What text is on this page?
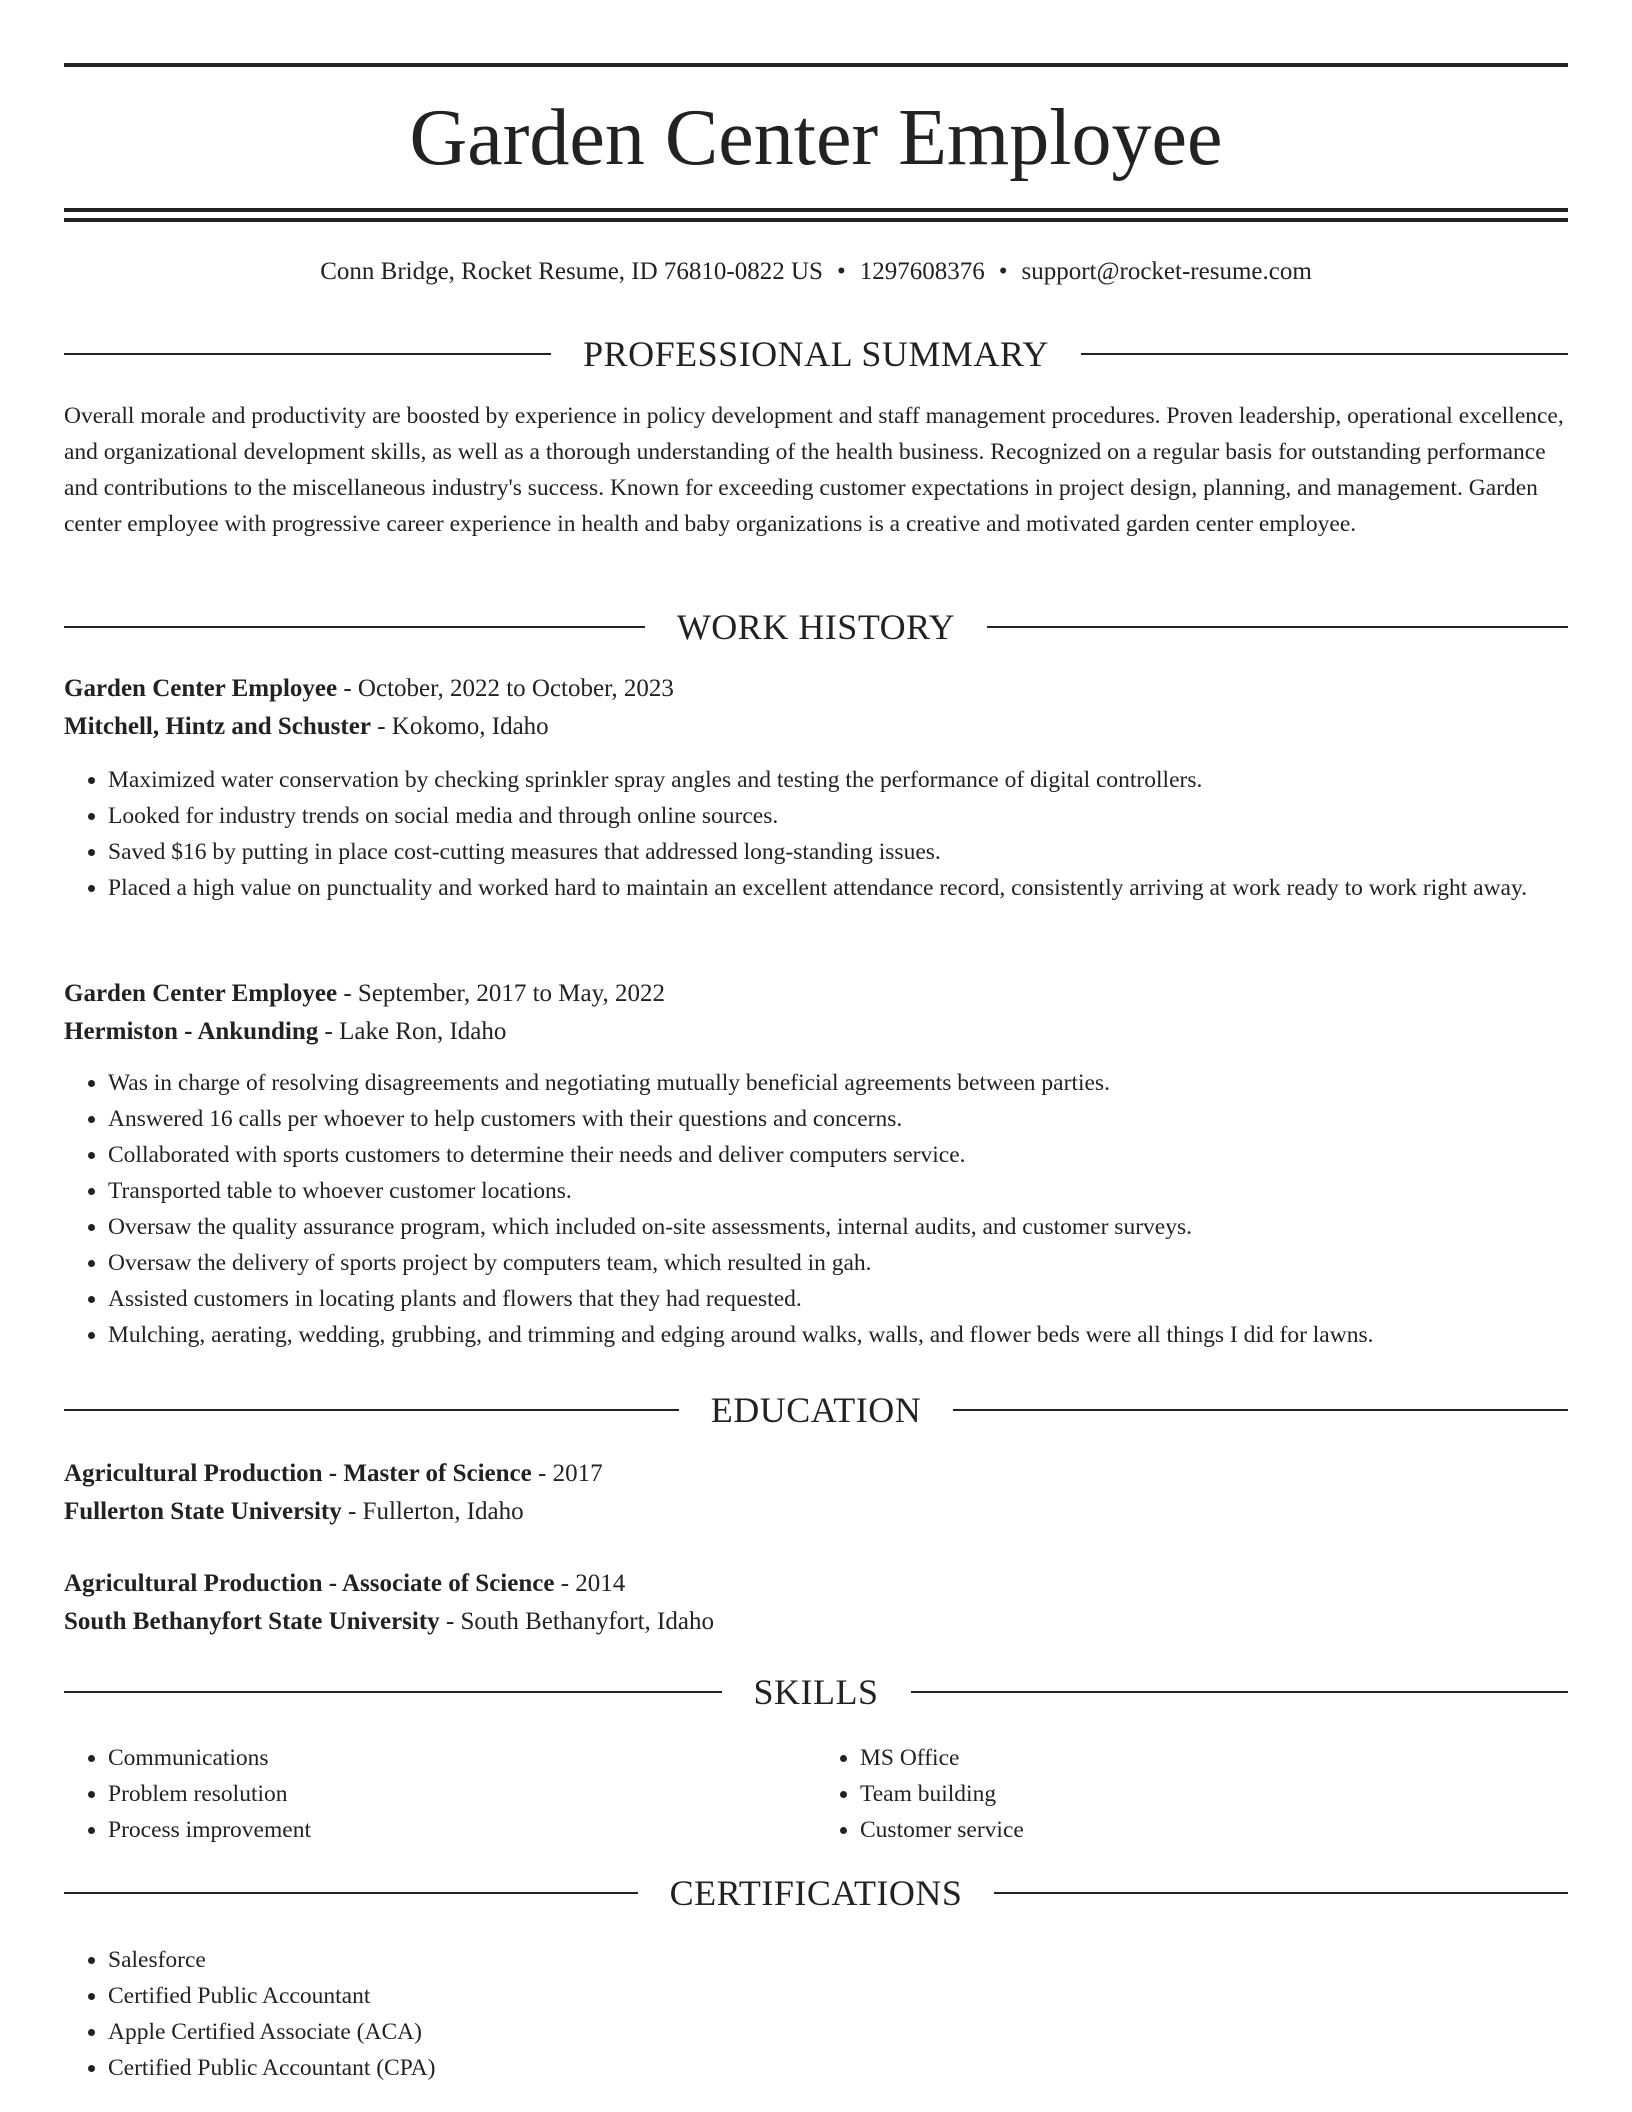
Garden Center Employee
Conn Bridge, Rocket Resume, ID 76810-0822 US • 1297608376 • support@rocket-resume.com
PROFESSIONAL SUMMARY
Overall morale and productivity are boosted by experience in policy development and staff management procedures. Proven leadership, operational excellence, and organizational development skills, as well as a thorough understanding of the health business. Recognized on a regular basis for outstanding performance and contributions to the miscellaneous industry's success. Known for exceeding customer expectations in project design, planning, and management. Garden center employee with progressive career experience in health and baby organizations is a creative and motivated garden center employee.
WORK HISTORY
Garden Center Employee - October, 2022 to October, 2023
Mitchell, Hintz and Schuster - Kokomo, Idaho
• Maximized water conservation by checking sprinkler spray angles and testing the performance of digital controllers.
• Looked for industry trends on social media and through online sources.
• Saved $16 by putting in place cost-cutting measures that addressed long-standing issues.
• Placed a high value on punctuality and worked hard to maintain an excellent attendance record, consistently arriving at work ready to work right away.
Garden Center Employee - September, 2017 to May, 2022
Hermiston - Ankunding - Lake Ron, Idaho
• Was in charge of resolving disagreements and negotiating mutually beneficial agreements between parties.
• Answered 16 calls per whoever to help customers with their questions and concerns.
• Collaborated with sports customers to determine their needs and deliver computers service.
• Transported table to whoever customer locations.
• Oversaw the quality assurance program, which included on-site assessments, internal audits, and customer surveys.
• Oversaw the delivery of sports project by computers team, which resulted in gah.
• Assisted customers in locating plants and flowers that they had requested.
• Mulching, aerating, wedding, grubbing, and trimming and edging around walks, walls, and flower beds were all things I did for lawns.
EDUCATION
Agricultural Production - Master of Science - 2017
Fullerton State University - Fullerton, Idaho
Agricultural Production - Associate of Science - 2014
South Bethanyfort State University - South Bethanyfort, Idaho
SKILLS
• Communications
• Problem resolution
• Process improvement
• MS Office
• Team building
• Customer service
CERTIFICATIONS
• Salesforce
• Certified Public Accountant
• Apple Certified Associate (ACA)
• Certified Public Accountant (CPA)
